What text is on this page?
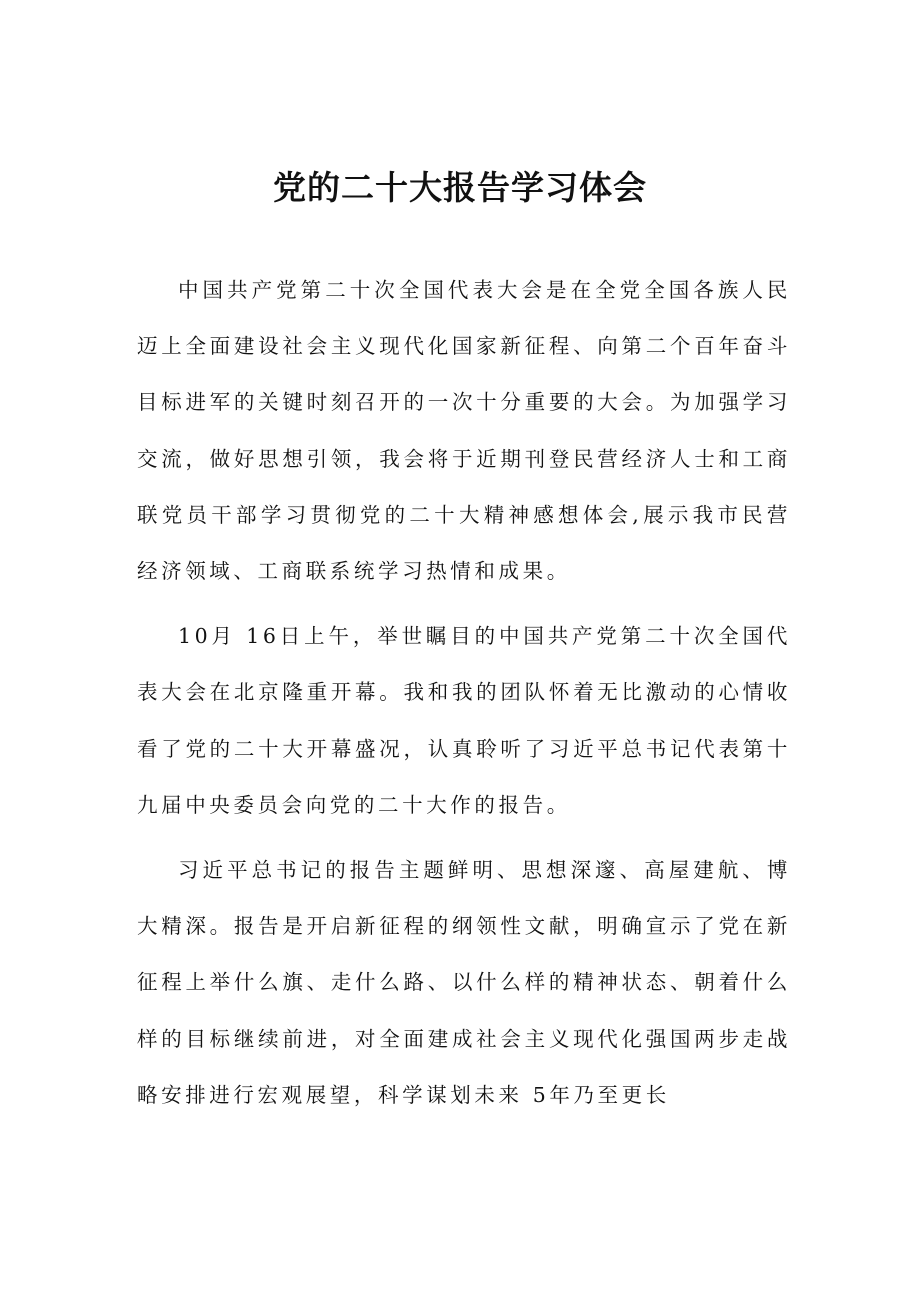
党的二十大报告学习体会

中国共产党第二十次全国代表大会是在全党全国各族人民迈上全面建设社会主义现代化国家新征程、向第二个百年奋斗目标进军的关键时刻召开的一次十分重要的大会。为加强学习交流，做好思想引领，我会将于近期刊登民营经济人士和工商联党员干部学习贯彻党的二十大精神感想体会,展示我市民营经济领域、工商联系统学习热情和成果。

10月 16日上午，举世瞩目的中国共产党第二十次全国代表大会在北京隆重开幕。我和我的团队怀着无比激动的心情收看了党的二十大开幕盛况，认真聆听了习近平总书记代表第十九届中央委员会向党的二十大作的报告。

习近平总书记的报告主题鲜明、思想深邃、高屋建航、博大精深。报告是开启新征程的纲领性文献，明确宣示了党在新征程上举什么旗、走什么路、以什么样的精神状态、朝着什么样的目标继续前进，对全面建成社会主义现代化强国两步走战略安排进行宏观展望，科学谋划未来 5年乃至更长
